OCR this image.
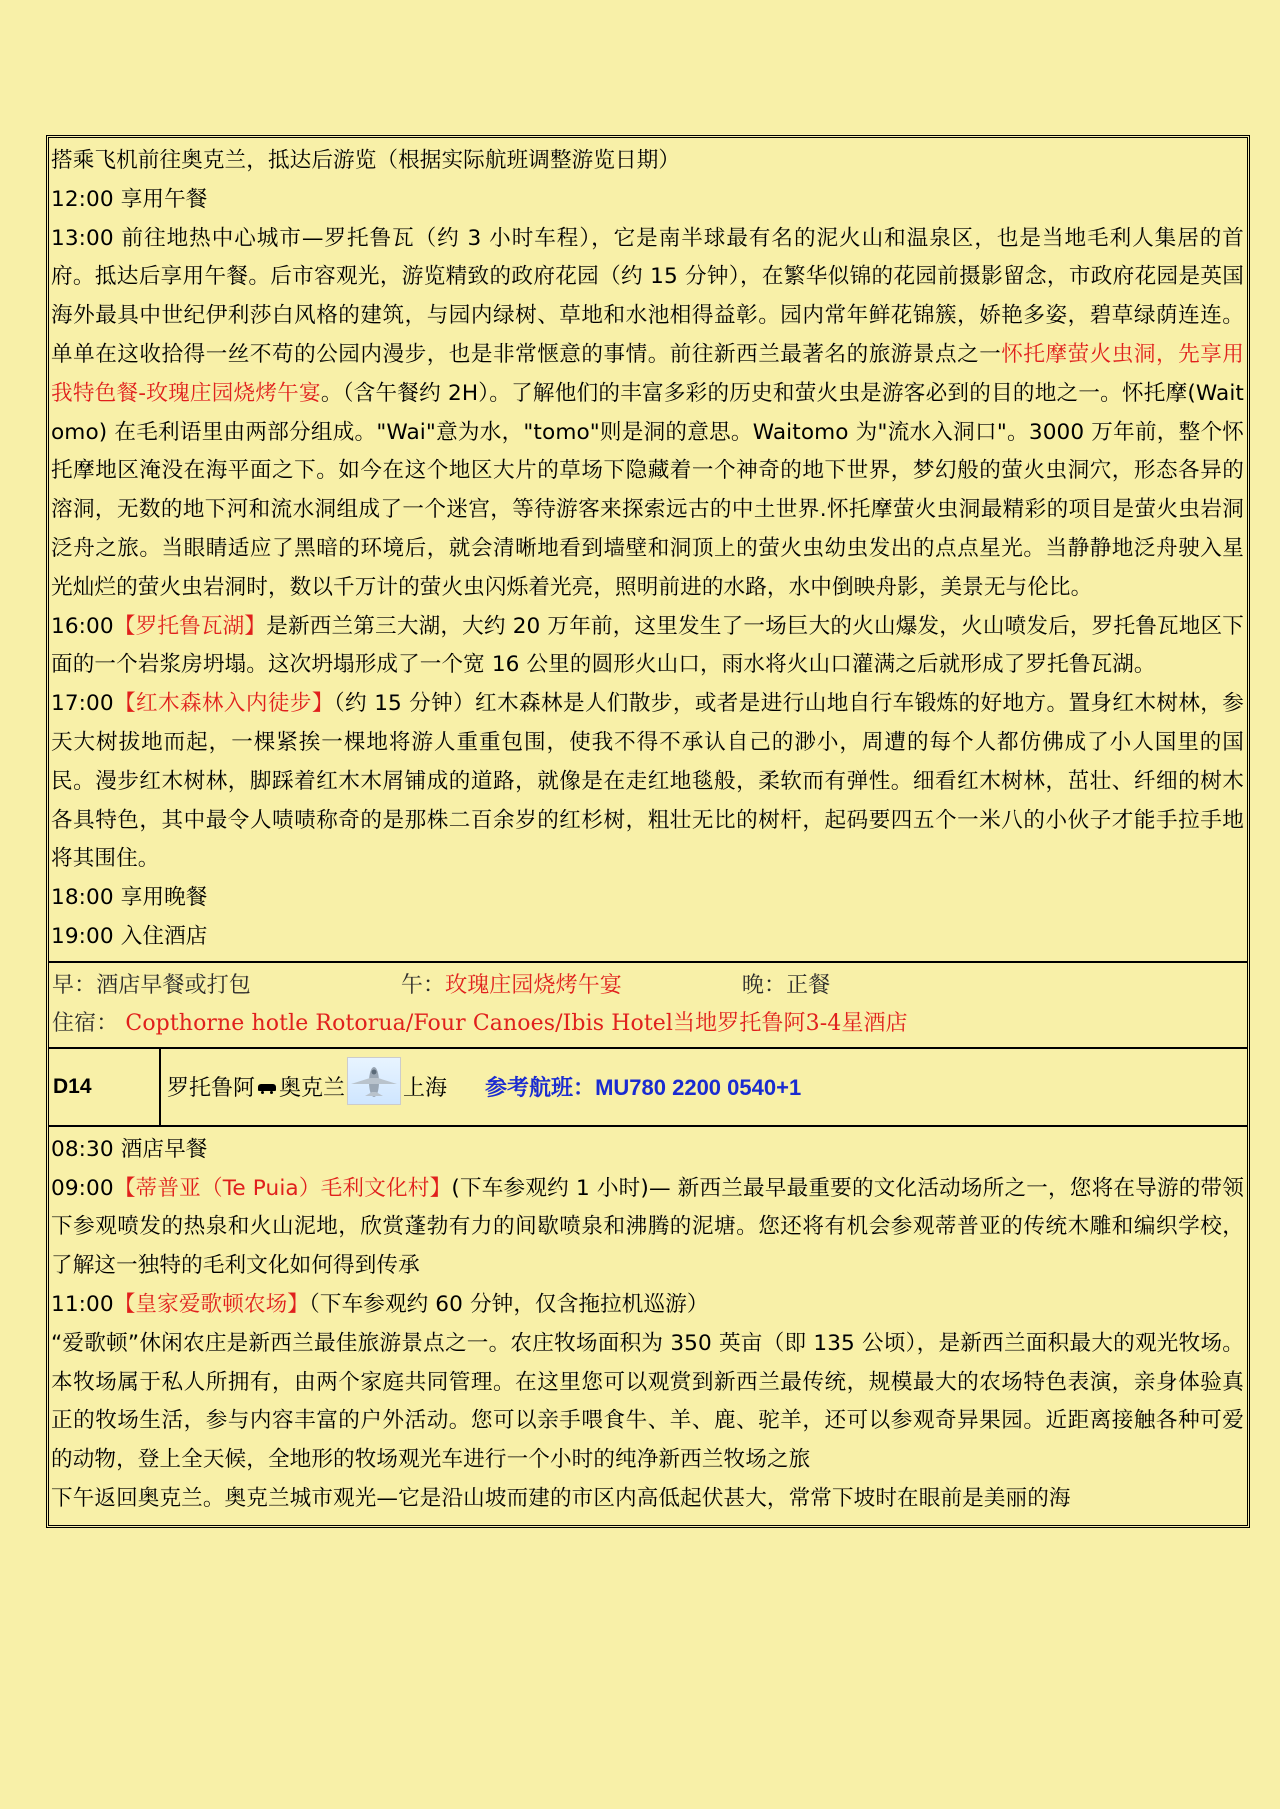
搭乘飞机前往奥克兰，抵达后游览（根据实际航班调整游览日期）
12:00 享用午餐
13:00 前往地热中心城市—罗托鲁瓦（约 3 小时车程），它是南半球最有名的泥火山和温泉区，也是当地毛利人集居的首府。抵达后享用午餐。后市容观光，游览精致的政府花园（约 15 分钟），在繁华似锦的花园前摄影留念，市政府花园是英国海外最具中世纪伊利莎白风格的建筑，与园内绿树、草地和水池相得益彰。园内常年鲜花锦簇，娇艳多姿，碧草绿荫连连。单单在这收拾得一丝不苟的公园内漫步，也是非常惬意的事情。前往新西兰最著名的旅游景点之一怀托摩萤火虫洞，先享用我特色餐-玫瑰庄园烧烤午宴。（含午餐约 2H）。了解他们的丰富多彩的历史和萤火虫是游客必到的目的地之一。怀托摩(Waitomo) 在毛利语里由两部分组成。"Wai"意为水，"tomo"则是洞的意思。Waitomo 为"流水入洞口"。3000 万年前，整个怀托摩地区淹没在海平面之下。如今在这个地区大片的草场下隐藏着一个神奇的地下世界，梦幻般的萤火虫洞穴，形态各异的溶洞，无数的地下河和流水洞组成了一个迷宫，等待游客来探索远古的中土世界.怀托摩萤火虫洞最精彩的项目是萤火虫岩洞泛舟之旅。当眼睛适应了黑暗的环境后，就会清晰地看到墙壁和洞顶上的萤火虫幼虫发出的点点星光。当静静地泛舟驶入星光灿烂的萤火虫岩洞时，数以千万计的萤火虫闪烁着光亮，照明前进的水路，水中倒映舟影，美景无与伦比。
16:00【罗托鲁瓦湖】是新西兰第三大湖，大约 20 万年前，这里发生了一场巨大的火山爆发，火山喷发后，罗托鲁瓦地区下面的一个岩浆房坍塌。这次坍塌形成了一个宽 16 公里的圆形火山口，雨水将火山口灌满之后就形成了罗托鲁瓦湖。
17:00【红木森林入内徒步】（约 15 分钟）红木森林是人们散步，或者是进行山地自行车锻炼的好地方。置身红木树林，参天大树拔地而起，一棵紧挨一棵地将游人重重包围，使我不得不承认自己的渺小，周遭的每个人都仿佛成了小人国里的国民。漫步红木树林，脚踩着红木木屑铺成的道路，就像是在走红地毯般，柔软而有弹性。细看红木树林，茁壮、纤细的树木各具特色，其中最令人啧啧称奇的是那株二百余岁的红杉树，粗壮无比的树杆，起码要四五个一米八的小伙子才能手拉手地将其围住。
18:00 享用晚餐
19:00 入住酒店
早：酒店早餐或打包	午：玫瑰庄园烧烤午宴	晚：正餐
住宿： Copthorne hotle Rotorua/Four Canoes/Ibis Hotel当地罗托鲁阿3-4星酒店
D14	罗托鲁阿 奥克兰	上海 参考航班：MU780 2200 0540+1
08:30 酒店早餐
09:00【蒂普亚（Te Puia）毛利文化村】(下车参观约 1 小时)— 新西兰最早最重要的文化活动场所之一，您将在导游的带领下参观喷发的热泉和火山泥地，欣赏蓬勃有力的间歇喷泉和沸腾的泥塘。您还将有机会参观蒂普亚的传统木雕和编织学校，了解这一独特的毛利文化如何得到传承
11:00【皇家爱歌顿农场】（下车参观约 60 分钟，仅含拖拉机巡游）
“爱歌顿”休闲农庄是新西兰最佳旅游景点之一。农庄牧场面积为 350 英亩（即 135 公顷），是新西兰面积最大的观光牧场。本牧场属于私人所拥有，由两个家庭共同管理。在这里您可以观赏到新西兰最传统，规模最大的农场特色表演，亲身体验真正的牧场生活，参与内容丰富的户外活动。您可以亲手喂食牛、羊、鹿、驼羊，还可以参观奇异果园。近距离接触各种可爱的动物，登上全天候，全地形的牧场观光车进行一个小时的纯净新西兰牧场之旅
下午返回奥克兰。奥克兰城市观光—它是沿山坡而建的市区内高低起伏甚大，常常下坡时在眼前是美丽的海
